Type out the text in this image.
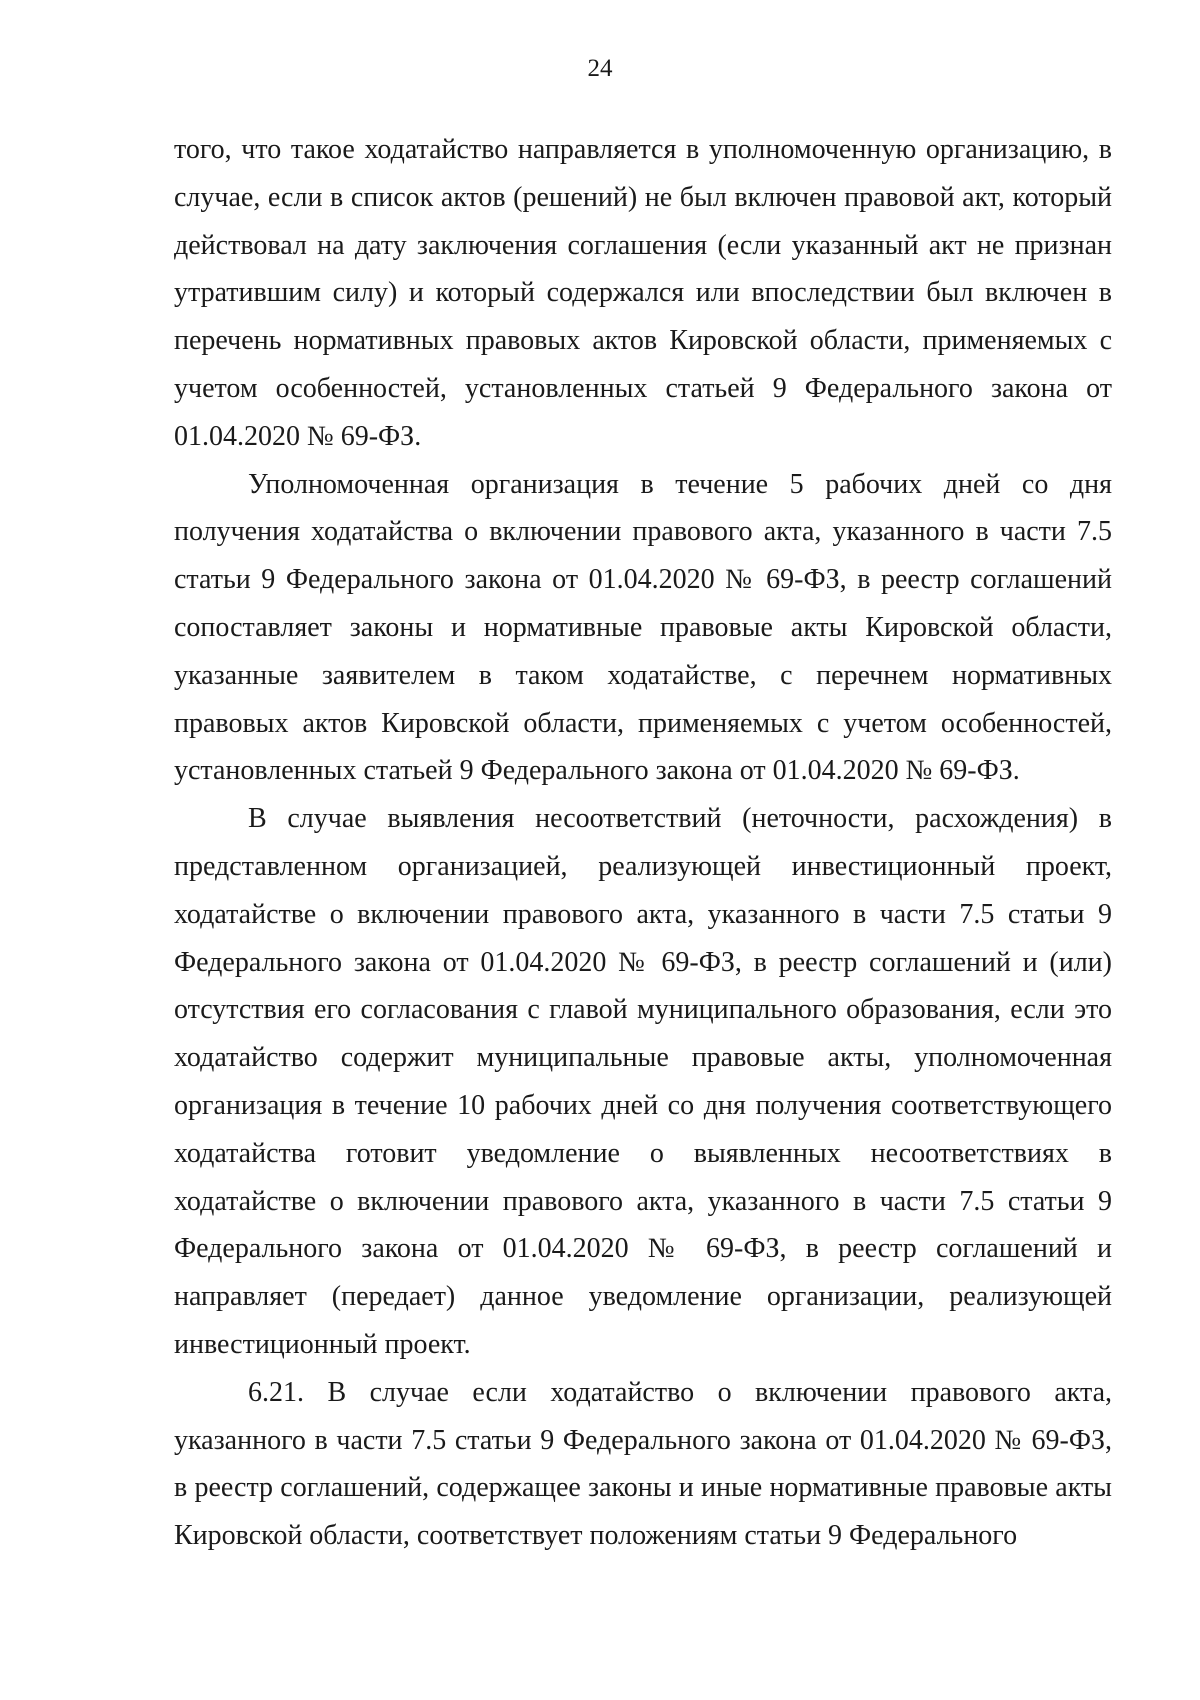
24

того, что такое ходатайство направляется в уполномоченную организацию, в случае, если в список актов (решений) не был включен правовой акт, который действовал на дату заключения соглашения (если указанный акт не признан утратившим силу) и который содержался или впоследствии был включен в перечень нормативных правовых актов Кировской области, применяемых с учетом особенностей, установленных статьей 9 Федерального закона от 01.04.2020 № 69-ФЗ.

Уполномоченная организация в течение 5 рабочих дней со дня получения ходатайства о включении правового акта, указанного в части 7.5 статьи 9 Федерального закона от 01.04.2020 № 69-ФЗ, в реестр соглашений сопоставляет законы и нормативные правовые акты Кировской области, указанные заявителем в таком ходатайстве, с перечнем нормативных правовых актов Кировской области, применяемых с учетом особенностей, установленных статьей 9 Федерального закона от 01.04.2020 № 69-ФЗ.

В случае выявления несоответствий (неточности, расхождения) в представленном организацией, реализующей инвестиционный проект, ходатайстве о включении правового акта, указанного в части 7.5 статьи 9 Федерального закона от 01.04.2020 № 69-ФЗ, в реестр соглашений и (или) отсутствия его согласования с главой муниципального образования, если это ходатайство содержит муниципальные правовые акты, уполномоченная организация в течение 10 рабочих дней со дня получения соответствующего ходатайства готовит уведомление о выявленных несоответствиях в ходатайстве о включении правового акта, указанного в части 7.5 статьи 9 Федерального закона от 01.04.2020 № 69-ФЗ, в реестр соглашений и направляет (передает) данное уведомление организации, реализующей инвестиционный проект.

6.21. В случае если ходатайство о включении правового акта, указанного в части 7.5 статьи 9 Федерального закона от 01.04.2020 № 69-ФЗ, в реестр соглашений, содержащее законы и иные нормативные правовые акты Кировской области, соответствует положениям статьи 9 Федерального
